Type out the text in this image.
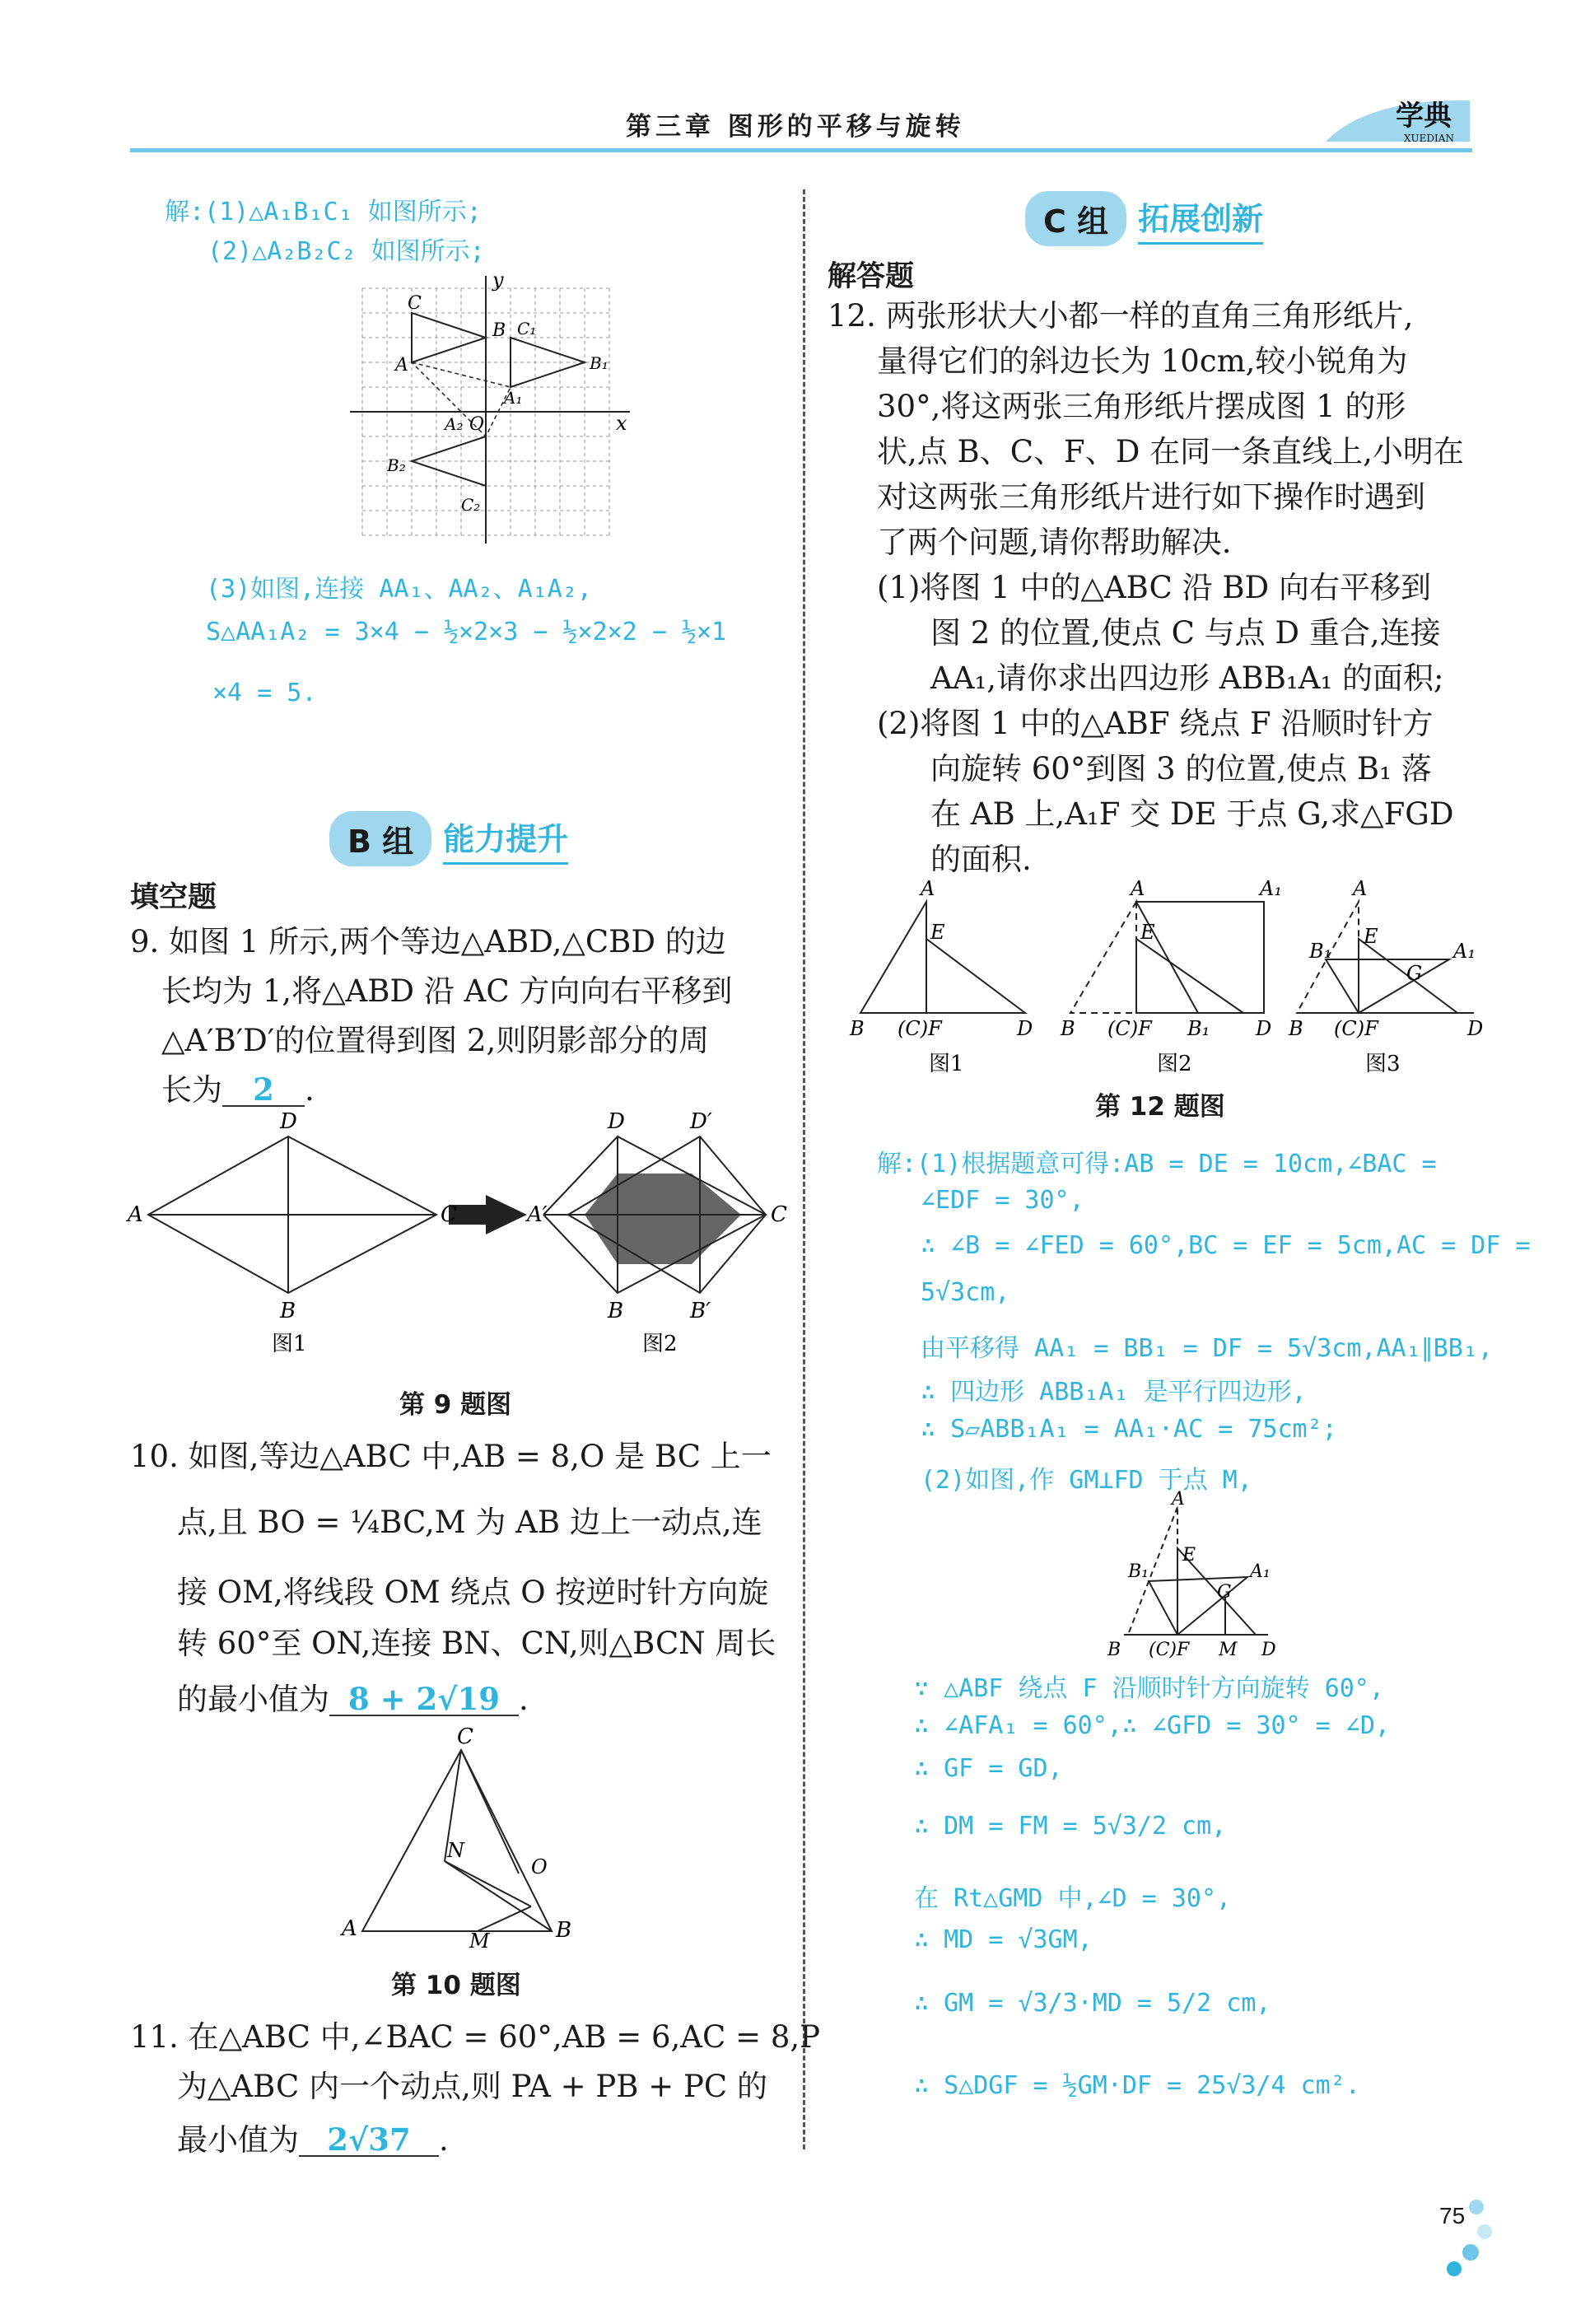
第三章 图形的平移与旋转	学典
XUEDIAN
解:(1)△A₁B₁C₁ 如图所示;
(2)△A₂B₂C₂ 如图所示;
y
x
O
A
B
C
A₁
B₁
C₁
A₂
B₂
C₂
(3)如图,连接 AA₁、AA₂、A₁A₂,
S△AA₁A₂ = 3×4 − ½×2×3 − ½×2×2 − ½×1
×4 = 5.
B 组 能力提升
填空题
9. 如图 1 所示,两个等边△ABD,△CBD 的边
长均为 1,将△ABD 沿 AC 方向向右平移到
△A′B′D′的位置得到图 2,则阴影部分的周
长为 2 .
A
D
C
B
A′
D	D′
C
B	B′
图1	图2
第 9 题图
10. 如图,等边△ABC 中,AB = 8,O 是 BC 上一
点,且 BO = ¼BC,M 为 AB 边上一动点,连
接 OM,将线段 OM 绕点 O 按逆时针方向旋
转 60°至 ON,连接 BN、CN,则△BCN 周长
的最小值为 8 + 2√19 .
C
A	B
M
N
O
第 10 题图
11. 在△ABC 中,∠BAC = 60°,AB = 6,AC = 8,P
为△ABC 内一个动点,则 PA + PB + PC 的
最小值为 2√37 .
C 组 拓展创新
解答题
12. 两张形状大小都一样的直角三角形纸片,
量得它们的斜边长为 10cm,较小锐角为
30°,将这两张三角形纸片摆成图 1 的形
状,点 B、C、F、D 在同一条直线上,小明在
对这两张三角形纸片进行如下操作时遇到
了两个问题,请你帮助解决.
(1)将图 1 中的△ABC 沿 BD 向右平移到
图 2 的位置,使点 C 与点 D 重合,连接
AA₁,请你求出四边形 ABB₁A₁ 的面积;
(2)将图 1 中的△ABF 绕点 F 沿顺时针方
向旋转 60°到图 3 的位置,使点 B₁ 落
在 AB 上,A₁F 交 DE 于点 G,求△FGD
的面积.
A
E
B (C)F	D
A	A₁
E
B (C)F B₁ D
A
B₁
E
A₁
G
B (C)F	D
图1	图2	图3
第 12 题图
解:(1)根据题意可得:AB = DE = 10cm,∠BAC =
∠EDF = 30°,
∴ ∠B = ∠FED = 60°,BC = EF = 5cm,AC = DF =
5√3cm,
由平移得 AA₁ = BB₁ = DF = 5√3cm,AA₁∥BB₁,
∴ 四边形 ABB₁A₁ 是平行四边形,
∴ S▱ABB₁A₁ = AA₁·AC = 75cm²;
(2)如图,作 GM⊥FD 于点 M,
A
B₁
E
A₁
G
B (C)F M D
∵ △ABF 绕点 F 沿顺时针方向旋转 60°,
∴ ∠AFA₁ = 60°,∴ ∠GFD = 30° = ∠D,
∴ GF = GD,
∴ DM = FM = 5√3/2 cm,
在 Rt△GMD 中,∠D = 30°,
∴ MD = √3GM,
∴ GM = √3/3·MD = 5/2 cm,
∴ S△DGF = ½GM·DF = 25√3/4 cm².
75
